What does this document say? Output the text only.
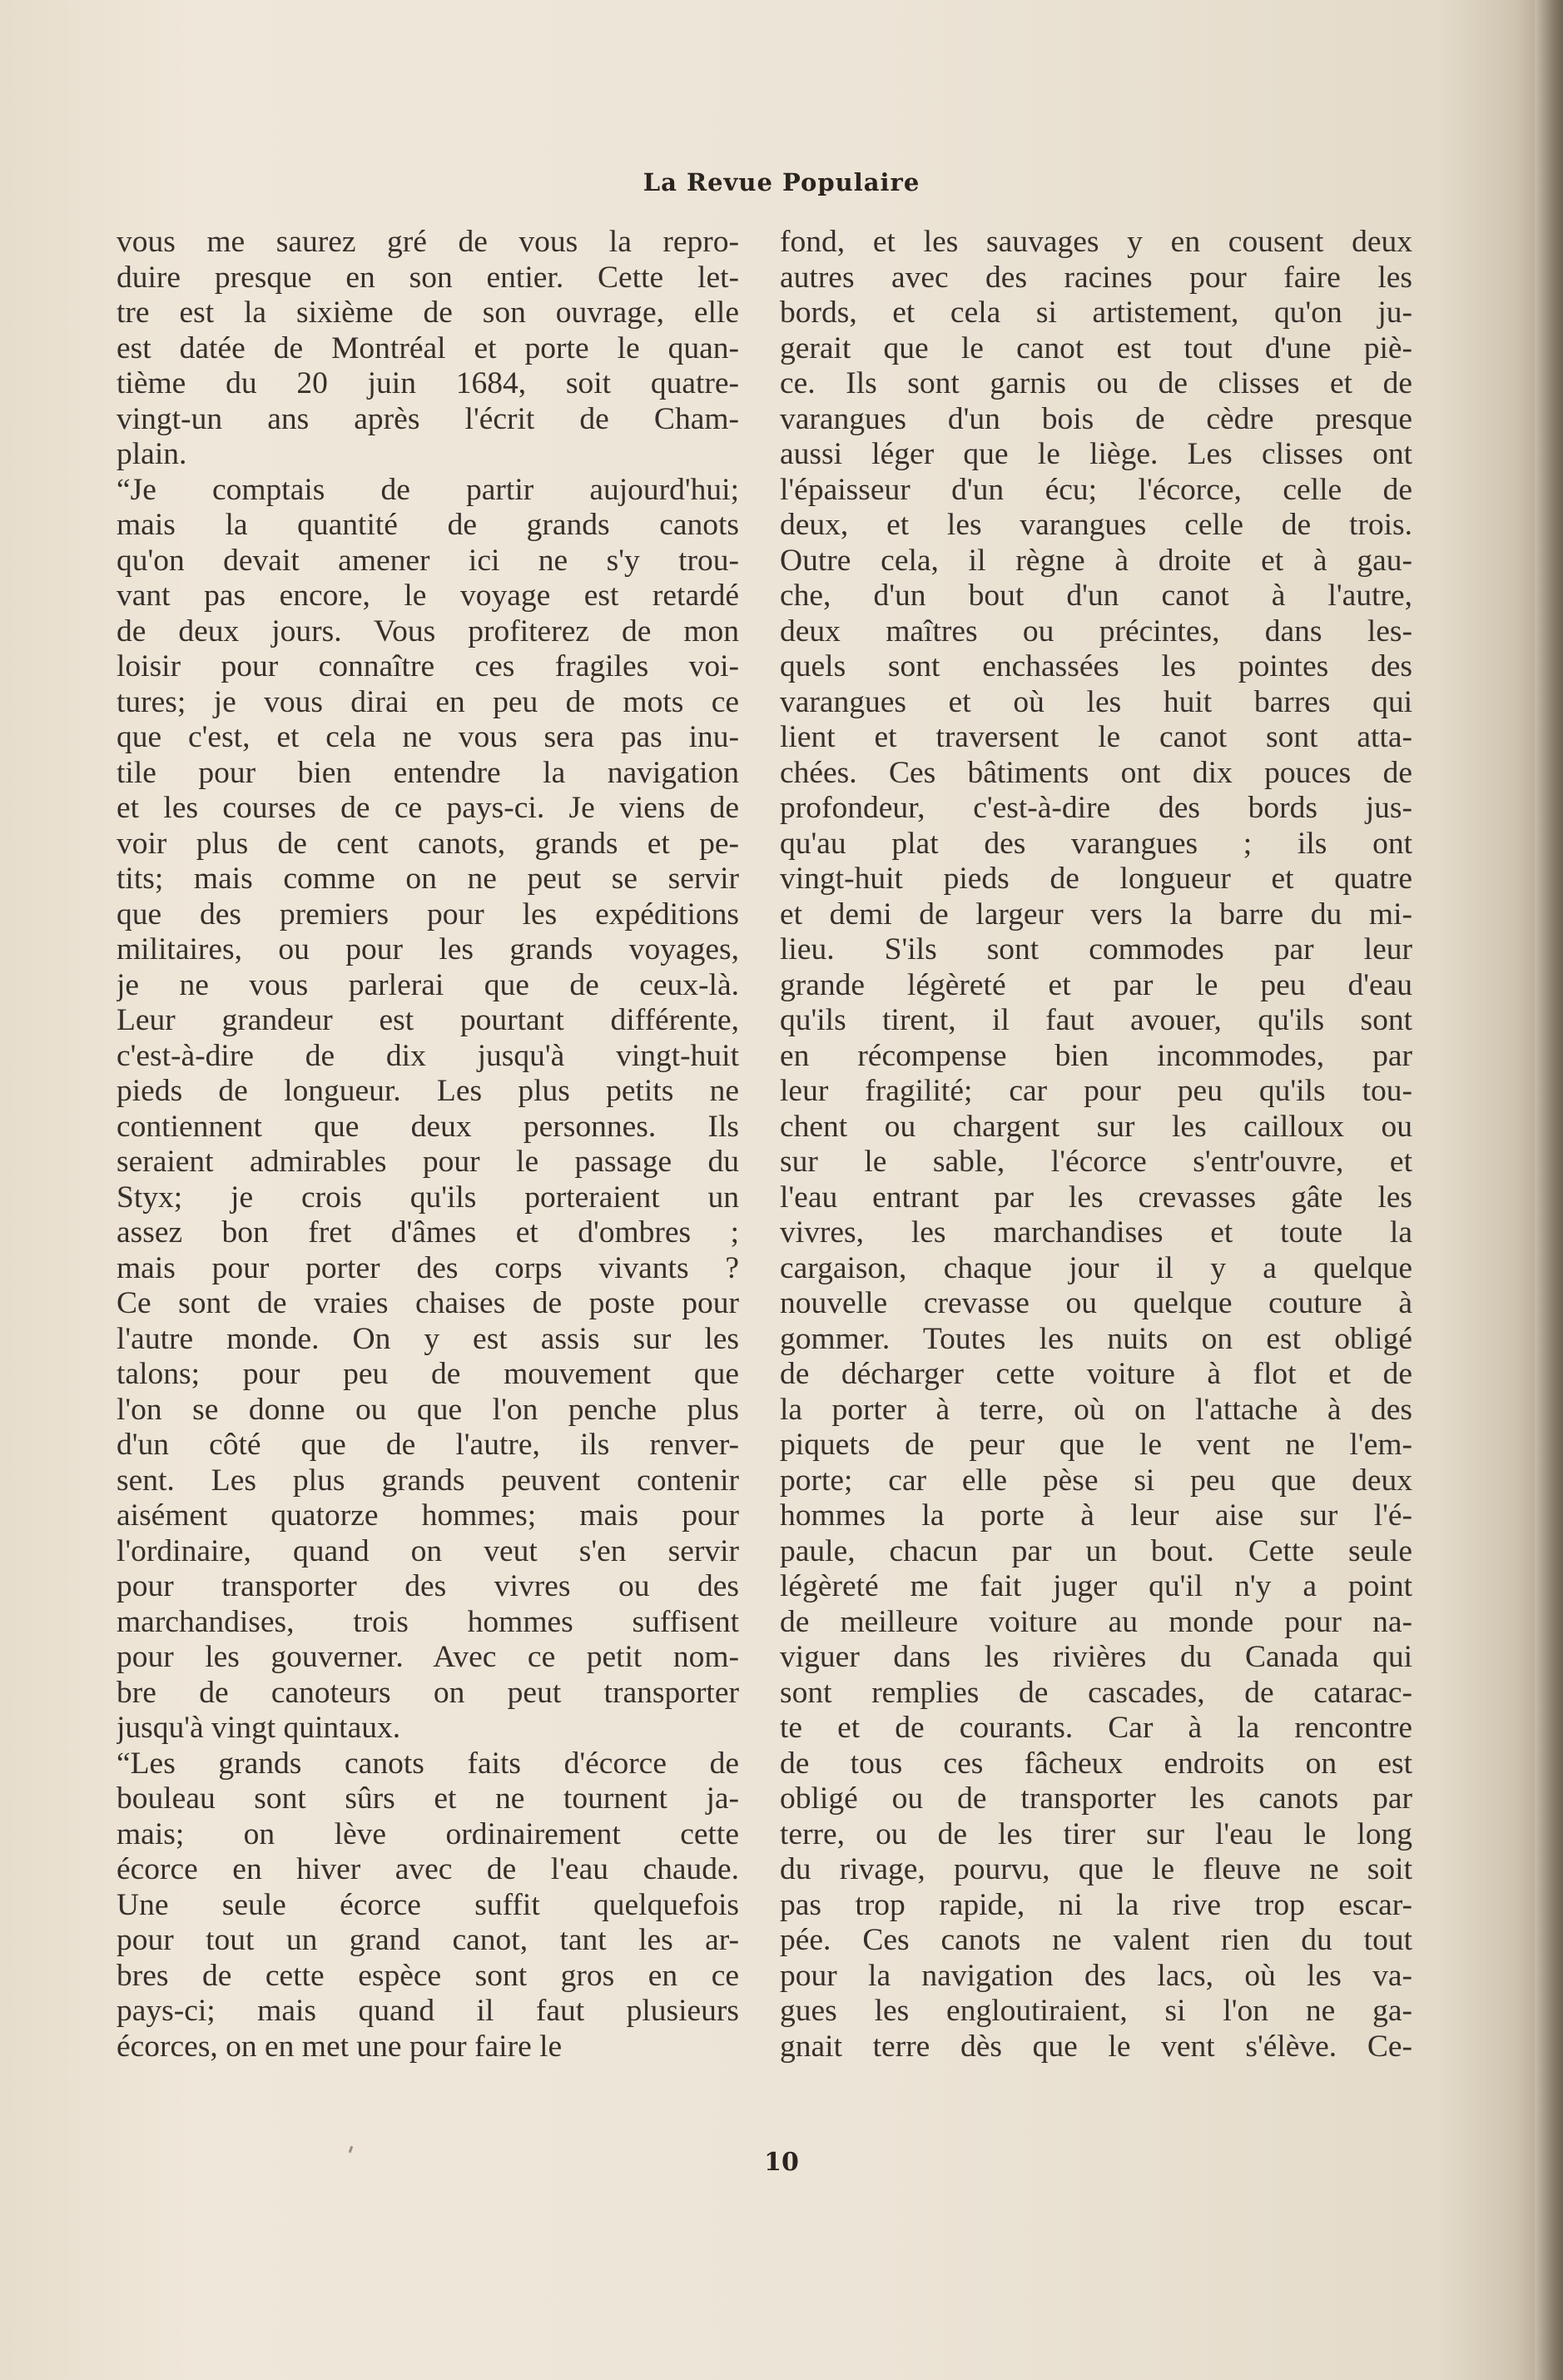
La Revue Populaire
vous me saurez gré de vous la repro-
duire presque en son entier. Cette let-
tre est la sixième de son ouvrage, elle
est datée de Montréal et porte le quan-
tième du 20 juin 1684, soit quatre-
vingt-un ans après l'écrit de Cham-
plain.
“Je comptais de partir aujourd'hui;
mais la quantité de grands canots
qu'on devait amener ici ne s'y trou-
vant pas encore, le voyage est retardé
de deux jours. Vous profiterez de mon
loisir pour connaître ces fragiles voi-
tures; je vous dirai en peu de mots ce
que c'est, et cela ne vous sera pas inu-
tile pour bien entendre la navigation
et les courses de ce pays-ci. Je viens de
voir plus de cent canots, grands et pe-
tits; mais comme on ne peut se servir
que des premiers pour les expéditions
militaires, ou pour les grands voyages,
je ne vous parlerai que de ceux-là.
Leur grandeur est pourtant différente,
c'est-à-dire de dix jusqu'à vingt-huit
pieds de longueur. Les plus petits ne
contiennent que deux personnes. Ils
seraient admirables pour le passage du
Styx; je crois qu'ils porteraient un
assez bon fret d'âmes et d'ombres ;
mais pour porter des corps vivants ?
Ce sont de vraies chaises de poste pour
l'autre monde. On y est assis sur les
talons; pour peu de mouvement que
l'on se donne ou que l'on penche plus
d'un côté que de l'autre, ils renver-
sent. Les plus grands peuvent contenir
aisément quatorze hommes; mais pour
l'ordinaire, quand on veut s'en servir
pour transporter des vivres ou des
marchandises, trois hommes suffisent
pour les gouverner. Avec ce petit nom-
bre de canoteurs on peut transporter
jusqu'à vingt quintaux.
“Les grands canots faits d'écorce de
bouleau sont sûrs et ne tournent ja-
mais; on lève ordinairement cette
écorce en hiver avec de l'eau chaude.
Une seule écorce suffit quelquefois
pour tout un grand canot, tant les ar-
bres de cette espèce sont gros en ce
pays-ci; mais quand il faut plusieurs
écorces, on en met une pour faire le
fond, et les sauvages y en cousent deux
autres avec des racines pour faire les
bords, et cela si artistement, qu'on ju-
gerait que le canot est tout d'une piè-
ce. Ils sont garnis ou de clisses et de
varangues d'un bois de cèdre presque
aussi léger que le liège. Les clisses ont
l'épaisseur d'un écu; l'écorce, celle de
deux, et les varangues celle de trois.
Outre cela, il règne à droite et à gau-
che, d'un bout d'un canot à l'autre,
deux maîtres ou précintes, dans les-
quels sont enchassées les pointes des
varangues et où les huit barres qui
lient et traversent le canot sont atta-
chées. Ces bâtiments ont dix pouces de
profondeur, c'est-à-dire des bords jus-
qu'au plat des varangues ; ils ont
vingt-huit pieds de longueur et quatre
et demi de largeur vers la barre du mi-
lieu. S'ils sont commodes par leur
grande légèreté et par le peu d'eau
qu'ils tirent, il faut avouer, qu'ils sont
en récompense bien incommodes, par
leur fragilité; car pour peu qu'ils tou-
chent ou chargent sur les cailloux ou
sur le sable, l'écorce s'entr'ouvre, et
l'eau entrant par les crevasses gâte les
vivres, les marchandises et toute la
cargaison, chaque jour il y a quelque
nouvelle crevasse ou quelque couture à
gommer. Toutes les nuits on est obligé
de décharger cette voiture à flot et de
la porter à terre, où on l'attache à des
piquets de peur que le vent ne l'em-
porte; car elle pèse si peu que deux
hommes la porte à leur aise sur l'é-
paule, chacun par un bout. Cette seule
légèreté me fait juger qu'il n'y a point
de meilleure voiture au monde pour na-
viguer dans les rivières du Canada qui
sont remplies de cascades, de catarac-
te et de courants. Car à la rencontre
de tous ces fâcheux endroits on est
obligé ou de transporter les canots par
terre, ou de les tirer sur l'eau le long
du rivage, pourvu, que le fleuve ne soit
pas trop rapide, ni la rive trop escar-
pée. Ces canots ne valent rien du tout
pour la navigation des lacs, où les va-
gues les engloutiraient, si l'on ne ga-
gnait terre dès que le vent s'élève. Ce-
10
